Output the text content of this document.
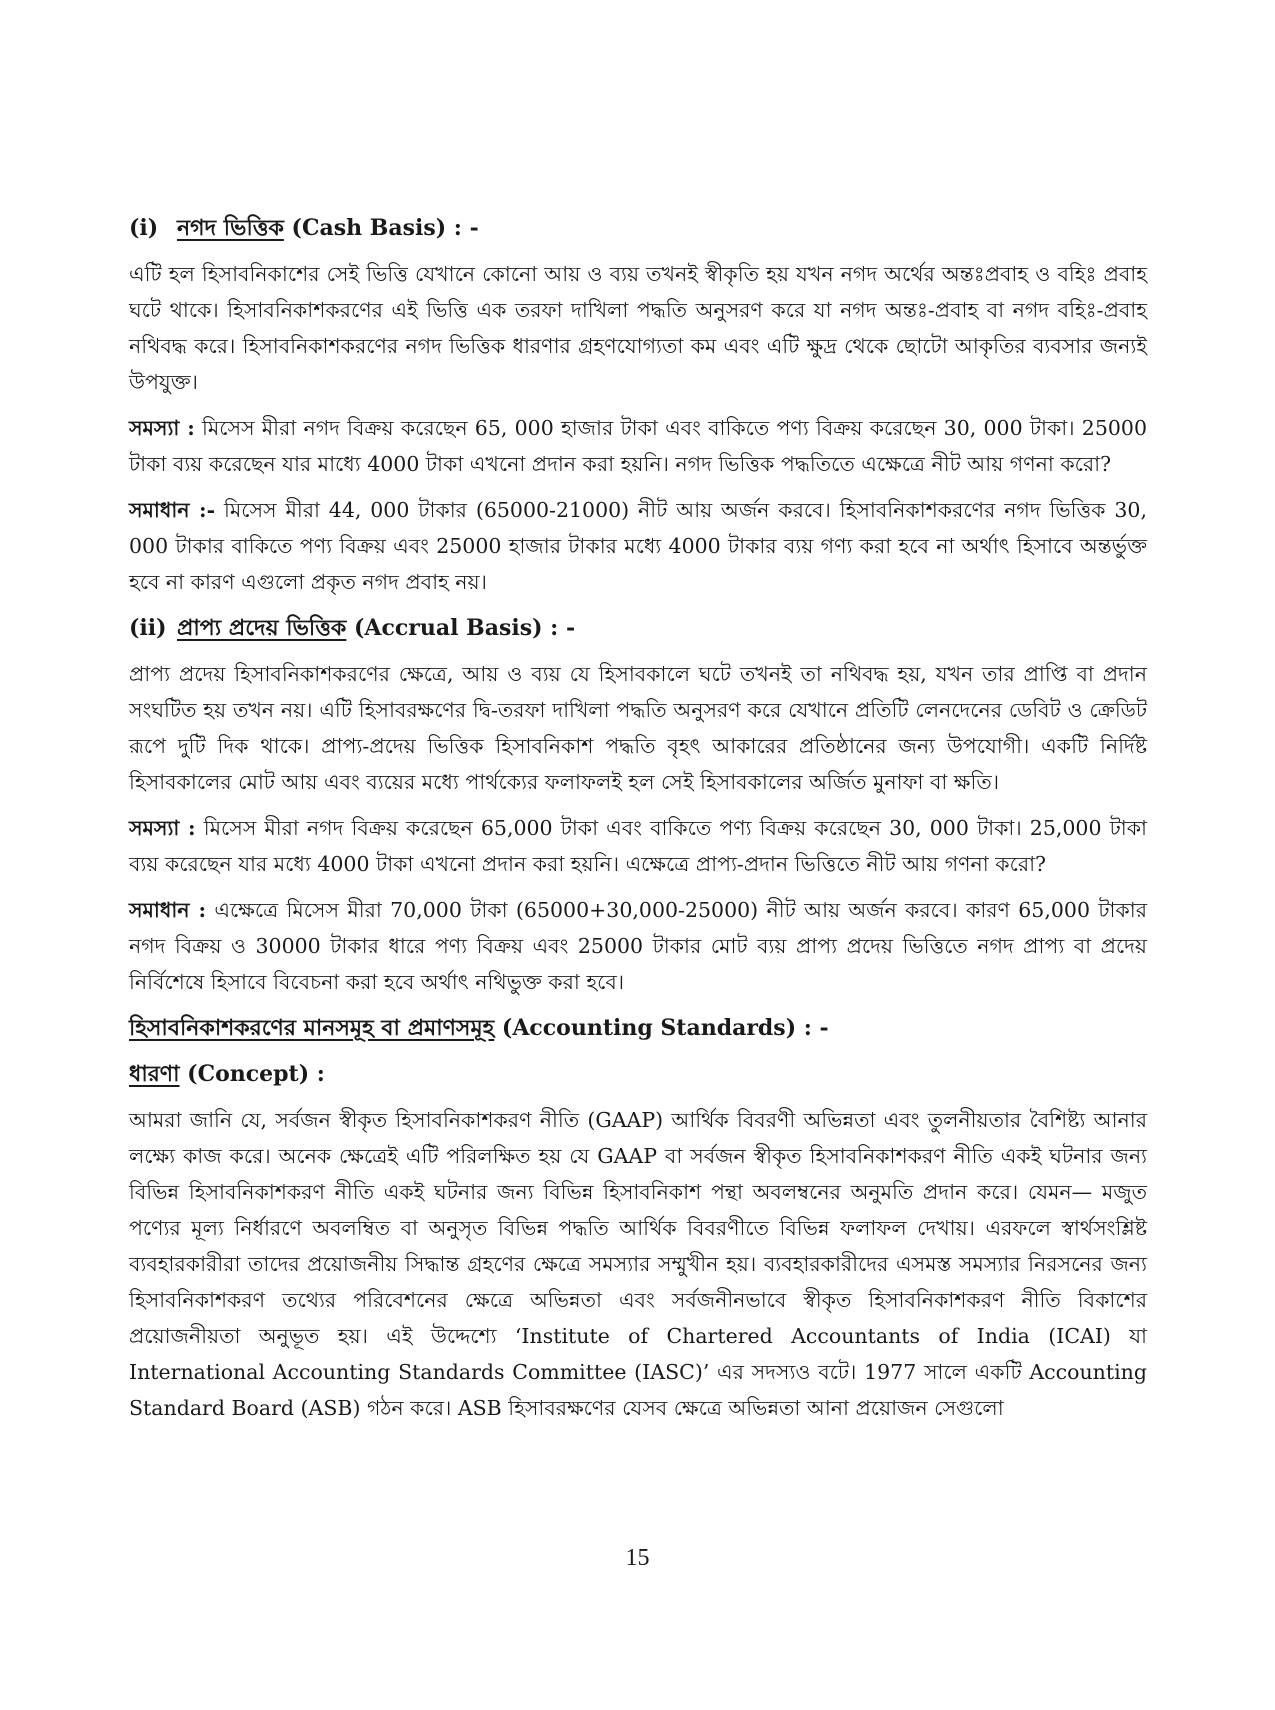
(i) নগদ ভিত্তিক (Cash Basis) : -

এটি হল হিসাবনিকাশের সেই ভিত্তি যেখানে কোনো আয় ও ব্যয় তখনই স্বীকৃতি হয় যখন নগদ অর্থের অন্তঃপ্রবাহ ও বহিঃ প্রবাহ ঘটে থাকে। হিসাবনিকাশকরণের এই ভিত্তি এক তরফা দাখিলা পদ্ধতি অনুসরণ করে যা নগদ অন্তঃ-প্রবাহ বা নগদ বহিঃ-প্রবাহ নথিবদ্ধ করে। হিসাবনিকাশকরণের নগদ ভিত্তিক ধারণার গ্রহণযোগ্যতা কম এবং এটি ক্ষুদ্র থেকে ছোটো আকৃতির ব্যবসার জন্যই উপযুক্ত।

সমস্যা : মিসেস মীরা নগদ বিক্রয় করেছেন 65, 000 হাজার টাকা এবং বাকিতে পণ্য বিক্রয় করেছেন 30, 000 টাকা। 25000 টাকা ব্যয় করেছেন যার মাধ্যে 4000 টাকা এখনো প্রদান করা হয়নি। নগদ ভিত্তিক পদ্ধতিতে এক্ষেত্রে নীট আয় গণনা করো?

সমাধান :- মিসেস মীরা 44, 000 টাকার (65000-21000) নীট আয় অর্জন করবে। হিসাবনিকাশকরণের নগদ ভিত্তিক 30, 000 টাকার বাকিতে পণ্য বিক্রয় এবং 25000 হাজার টাকার মধ্যে 4000 টাকার ব্যয় গণ্য করা হবে না অর্থাৎ হিসাবে অন্তর্ভুক্ত হবে না কারণ এগুলো প্রকৃত নগদ প্রবাহ নয়।

(ii) প্রাপ্য প্রদেয় ভিত্তিক (Accrual Basis) : -

প্রাপ্য প্রদেয় হিসাবনিকাশকরণের ক্ষেত্রে, আয় ও ব্যয় যে হিসাবকালে ঘটে তখনই তা নথিবদ্ধ হয়, যখন তার প্রাপ্তি বা প্রদান সংঘটিত হয় তখন নয়। এটি হিসাবরক্ষণের দ্বি-তরফা দাখিলা পদ্ধতি অনুসরণ করে যেখানে প্রতিটি লেনদেনের ডেবিট ও ক্রেডিট রূপে দুটি দিক থাকে। প্রাপ্য-প্রদেয় ভিত্তিক হিসাবনিকাশ পদ্ধতি বৃহৎ আকারের প্রতিষ্ঠানের জন্য উপযোগী। একটি নির্দিষ্ট হিসাবকালের মোট আয় এবং ব্যয়ের মধ্যে পার্থক্যের ফলাফলই হল সেই হিসাবকালের অর্জিত মুনাফা বা ক্ষতি।

সমস্যা : মিসেস মীরা নগদ বিক্রয় করেছেন 65,000 টাকা এবং বাকিতে পণ্য বিক্রয় করেছেন 30, 000 টাকা। 25,000 টাকা ব্যয় করেছেন যার মধ্যে 4000 টাকা এখনো প্রদান করা হয়নি। এক্ষেত্রে প্রাপ্য-প্রদান ভিত্তিতে নীট আয় গণনা করো?

সমাধান : এক্ষেত্রে মিসেস মীরা 70,000 টাকা (65000+30,000-25000) নীট আয় অর্জন করবে। কারণ 65,000 টাকার নগদ বিক্রয় ও 30000 টাকার ধারে পণ্য বিক্রয় এবং 25000 টাকার মোট ব্যয় প্রাপ্য প্রদেয় ভিত্তিতে নগদ প্রাপ্য বা প্রদেয় নির্বিশেষে হিসাবে বিবেচনা করা হবে অর্থাৎ নথিভুক্ত করা হবে।

হিসাবনিকাশকরণের মানসমূহ বা প্রমাণসমূহ (Accounting Standards) : -
ধারণা (Concept) :

আমরা জানি যে, সর্বজন স্বীকৃত হিসাবনিকাশকরণ নীতি (GAAP) আর্থিক বিবরণী অভিন্নতা এবং তুলনীয়তার বৈশিষ্ট্য আনার লক্ষ্যে কাজ করে। অনেক ক্ষেত্রেই এটি পরিলক্ষিত হয় যে GAAP বা সর্বজন স্বীকৃত হিসাবনিকাশকরণ নীতি একই ঘটনার জন্য বিভিন্ন হিসাবনিকাশকরণ নীতি একই ঘটনার জন্য বিভিন্ন হিসাবনিকাশ পন্থা অবলম্বনের অনুমতি প্রদান করে। যেমন— মজুত পণ্যের মূল্য নির্ধারণে অবলম্বিত বা অনুসৃত বিভিন্ন পদ্ধতি আর্থিক বিবরণীতে বিভিন্ন ফলাফল দেখায়। এরফলে স্বার্থসংশ্লিষ্ট ব্যবহারকারীরা তাদের প্রয়োজনীয় সিদ্ধান্ত গ্রহণের ক্ষেত্রে সমস্যার সম্মুখীন হয়। ব্যবহারকারীদের এসমস্ত সমস্যার নিরসনের জন্য হিসাবনিকাশকরণ তথ্যের পরিবেশনের ক্ষেত্রে অভিন্নতা এবং সর্বজনীনভাবে স্বীকৃত হিসাবনিকাশকরণ নীতি বিকাশের প্রয়োজনীয়তা অনুভূত হয়। এই উদ্দেশ্যে ‘Institute of Chartered Accountants of India (ICAI) যা International Accounting Standards Committee (IASC)’ এর সদস্যও বটে। 1977 সালে একটি Accounting Standard Board (ASB) গঠন করে। ASB হিসাবরক্ষণের যেসব ক্ষেত্রে অভিন্নতা আনা প্রয়োজন সেগুলো

15
